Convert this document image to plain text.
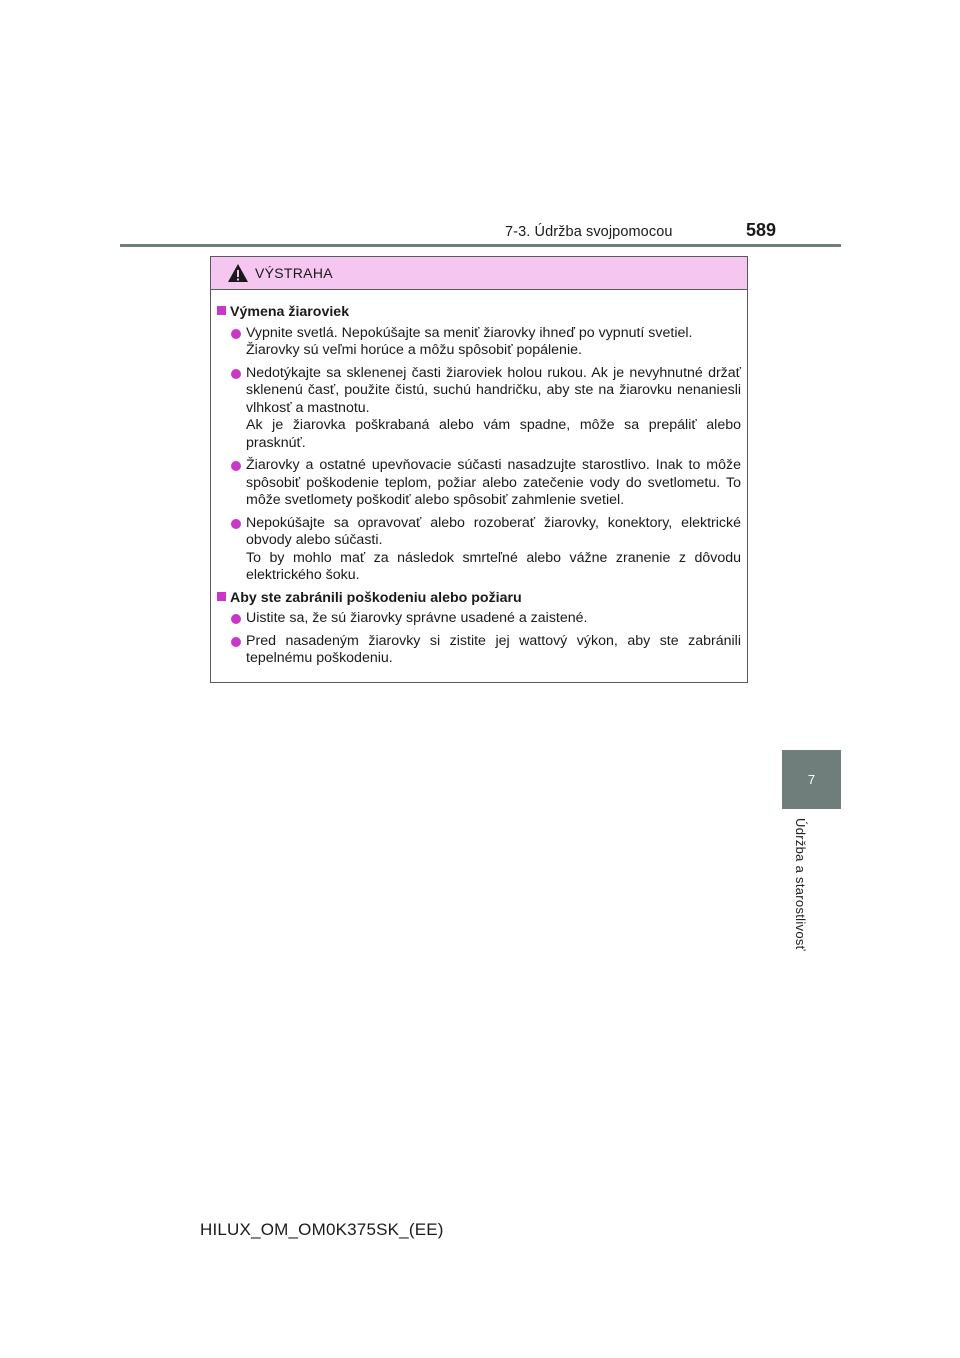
7-3. Údržba svojpomocou	589
VÝSTRAHA
Výmena žiaroviek
Vypnite svetlá. Nepokúšajte sa meniť žiarovky ihneď po vypnutí svetiel.
Žiarovky sú veľmi horúce a môžu spôsobiť popálenie.
Nedotýkajte sa sklenenej časti žiaroviek holou rukou. Ak je nevyhnutné držať sklenenú časť, použite čistú, suchú handričku, aby ste na žiarovku nenaniesli vlhkosť a mastnotu.
Ak je žiarovka poškrabaná alebo vám spadne, môže sa prepáliť alebo prasknúť.
Žiarovky a ostatné upevňovacie súčasti nasadzujte starostlivo. Inak to môže spôsobiť poškodenie teplom, požiar alebo zatečenie vody do svetlometu. To môže svetlomety poškodiť alebo spôsobiť zahmlenie svetiel.
Nepokúšajte sa opravovať alebo rozoberať žiarovky, konektory, elektrické obvody alebo súčasti.
To by mohlo mať za následok smrteľné alebo vážne zranenie z dôvodu elektrického šoku.
Aby ste zabránili poškodeniu alebo požiaru
Uistite sa, že sú žiarovky správne usadené a zaistené.
Pred nasadeným žiarovky si zistite jej wattový výkon, aby ste zabránili tepelnému poškodeniu.
7
Údržba a starostlivosť
HILUX_OM_OM0K375SK_(EE)
